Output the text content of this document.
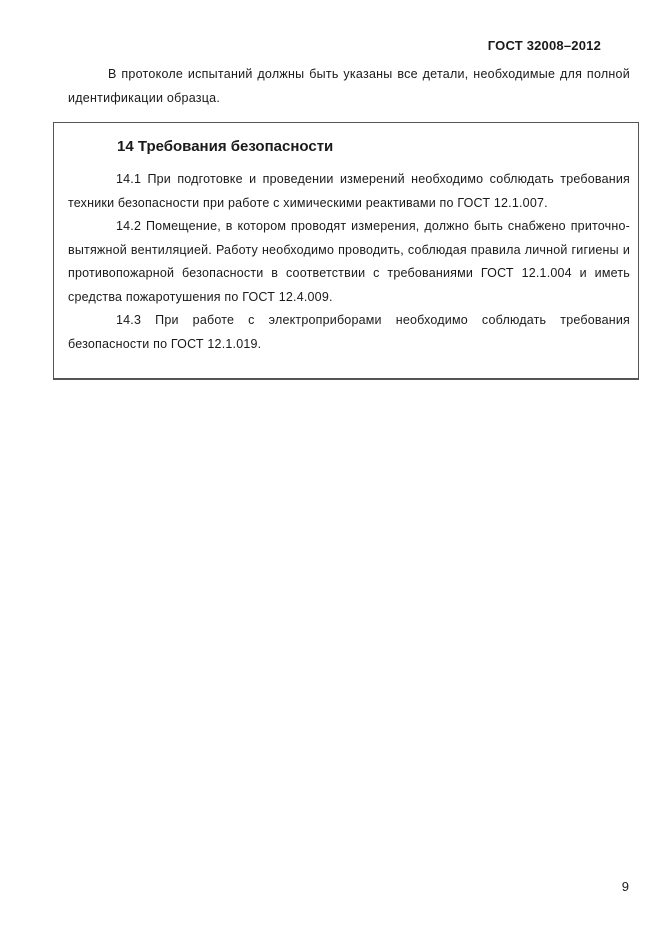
ГОСТ 32008–2012
В протоколе испытаний должны быть указаны все детали, необходимые для полной идентификации образца.
14 Требования безопасности

14.1 При подготовке и проведении измерений необходимо соблюдать требования техники безопасности при работе с химическими реактивами по ГОСТ 12.1.007.

14.2 Помещение, в котором проводят измерения, должно быть снабжено приточно-вытяжной вентиляцией. Работу необходимо проводить, соблюдая правила личной гигиены и противопожарной безопасности в соответствии с требованиями ГОСТ 12.1.004 и иметь средства пожаротушения по ГОСТ 12.4.009.

14.3 При работе с электроприборами необходимо соблюдать требования безопасности по ГОСТ 12.1.019.

9
